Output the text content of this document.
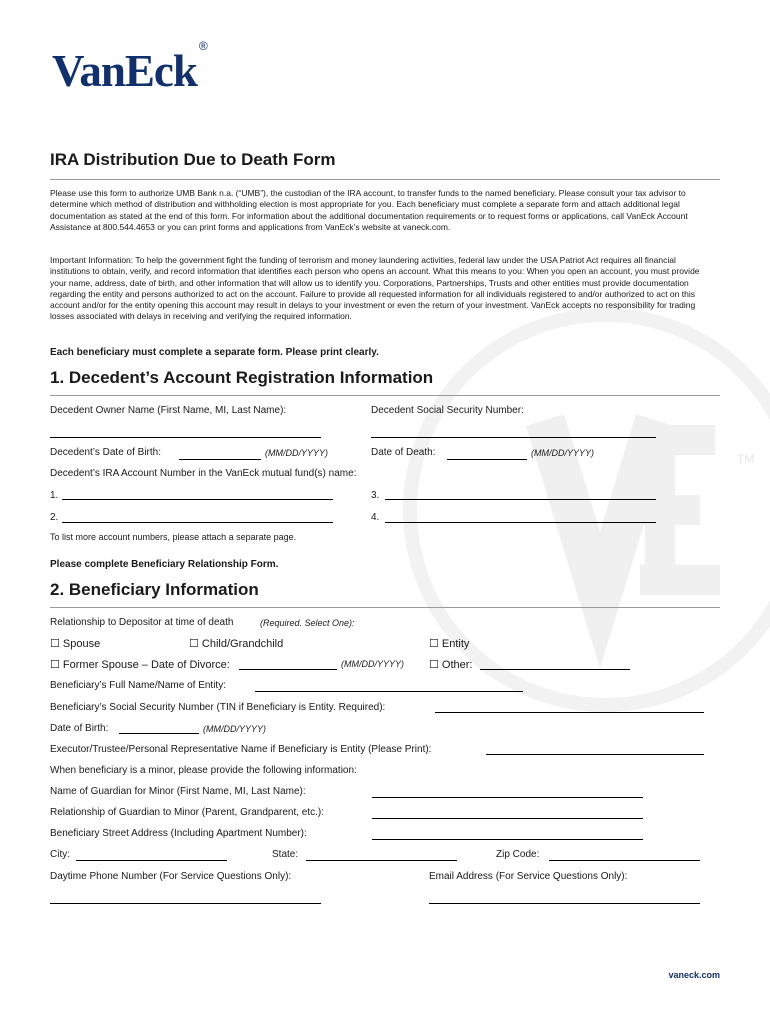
TM
VanEck ®
IRA Distribution Due to Death Form

Please use this form to authorize UMB Bank n.a. (“UMB”), the custodian of the IRA account, to transfer funds to the named beneficiary. Please consult your tax advisor to determine which method of distribution and withholding election is most appropriate for you. Each beneficiary must complete a separate form and attach additional legal documentation as stated at the end of this form. For information about the additional documentation requirements or to request forms or applications, call VanEck Account Assistance at 800.544.4653 or you can print forms and applications from VanEck’s website at vaneck.com.

Important Information: To help the government fight the funding of terrorism and money laundering activities, federal law under the USA Patriot Act requires all financial institutions to obtain, verify, and record information that identifies each person who opens an account. What this means to you: When you open an account, you must provide your name, address, date of birth, and other information that will allow us to identify you. Corporations, Partnerships, Trusts and other entities must provide documentation regarding the entity and persons authorized to act on the account. Failure to provide all requested information for all individuals registered to and/or authorized to act on this account and/or for the entity opening this account may result in delays to your investment or even the return of your investment. VanEck accepts no responsibility for trading losses associated with delays in receiving and verifying the required information.

Each beneficiary must complete a separate form. Please print clearly.

1. Decedent’s Account Registration Information
Decedent Owner Name (First Name, MI, Last Name):	Decedent Social Security Number:
Decedent’s Date of Birth:	(MM/DD/YYYY)	Date of Death:	(MM/DD/YYYY)
Decedent’s IRA Account Number in the VanEck mutual fund(s) name:
1.	3.
2.	4.
To list more account numbers, please attach a separate page.
Please complete Beneficiary Relationship Form.
2. Beneficiary Information
Relationship to Depositor at time of death	(Required. Select One):
☐ Spouse	☐ Child/Grandchild	☐ Entity
☐ Former Spouse – Date of Divorce:	(MM/DD/YYYY) ☐ Other:
Beneficiary’s Full Name/Name of Entity:
Beneficiary’s Social Security Number (TIN if Beneficiary is Entity. Required):
Date of Birth:	(MM/DD/YYYY)
Executor/Trustee/Personal Representative Name if Beneficiary is Entity (Please Print):
When beneficiary is a minor, please provide the following information:
Name of Guardian for Minor (First Name, MI, Last Name):
Relationship of Guardian to Minor (Parent, Grandparent, etc.):
Beneficiary Street Address (Including Apartment Number):
City:	State:	Zip Code:
Daytime Phone Number (For Service Questions Only):	Email Address (For Service Questions Only):
vaneck.com
